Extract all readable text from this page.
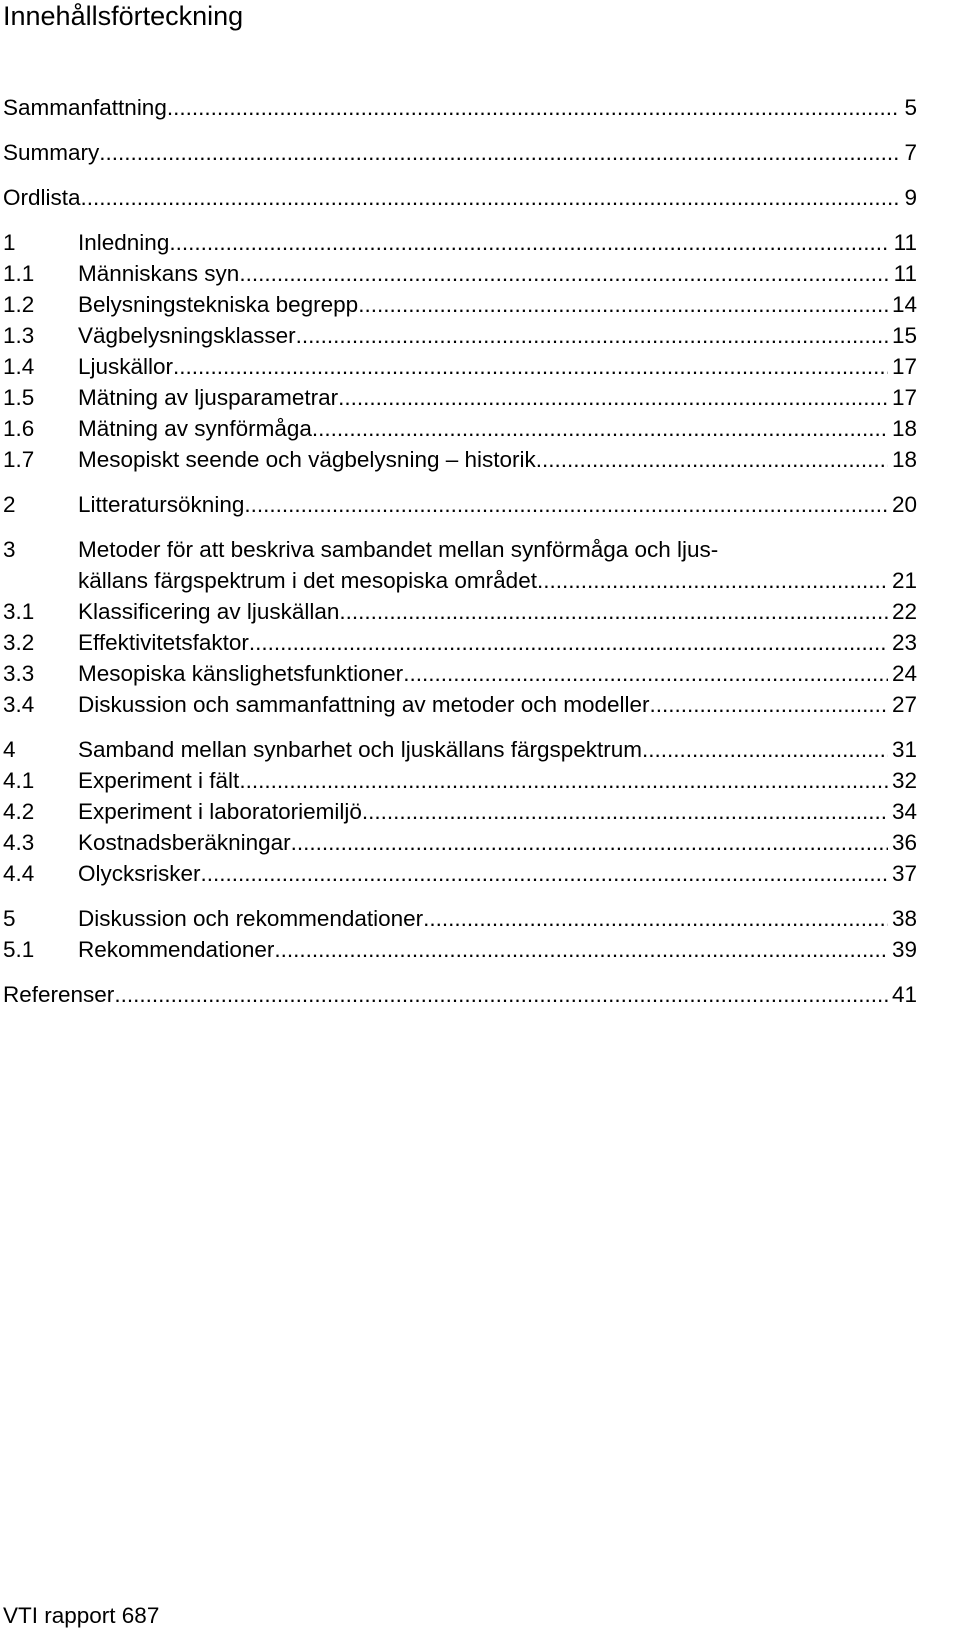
Innehållsförteckning
Sammanfattning .....	5
Summary .....	7
Ordlista .....	9
1	Inledning .....	11
1.1	Människans syn .....	11
1.2	Belysningstekniska begrepp .....	14
1.3	Vägbelysningsklasser .....	15
1.4	Ljuskällor .....	17
1.5	Mätning av ljusparametrar .....	17
1.6	Mätning av synförmåga .....	18
1.7	Mesopiskt seende och vägbelysning – historik .....	18
2	Litteratursökning .....	20
3	Metoder för att beskriva sambandet mellan synförmåga och ljus-
källans färgspektrum i det mesopiska området .....	21
3.1	Klassificering av ljuskällan .....	22
3.2	Effektivitetsfaktor .....	23
3.3	Mesopiska känslighetsfunktioner .....	24
3.4	Diskussion och sammanfattning av metoder och modeller .....	27
4	Samband mellan synbarhet och ljuskällans färgspektrum .....	31
4.1	Experiment i fält .....	32
4.2	Experiment i laboratoriemiljö .....	34
4.3	Kostnadsberäkningar .....	36
4.4	Olycksrisker .....	37
5	Diskussion och rekommendationer .....	38
5.1	Rekommendationer .....	39
Referenser .....	41
VTI rapport 687
